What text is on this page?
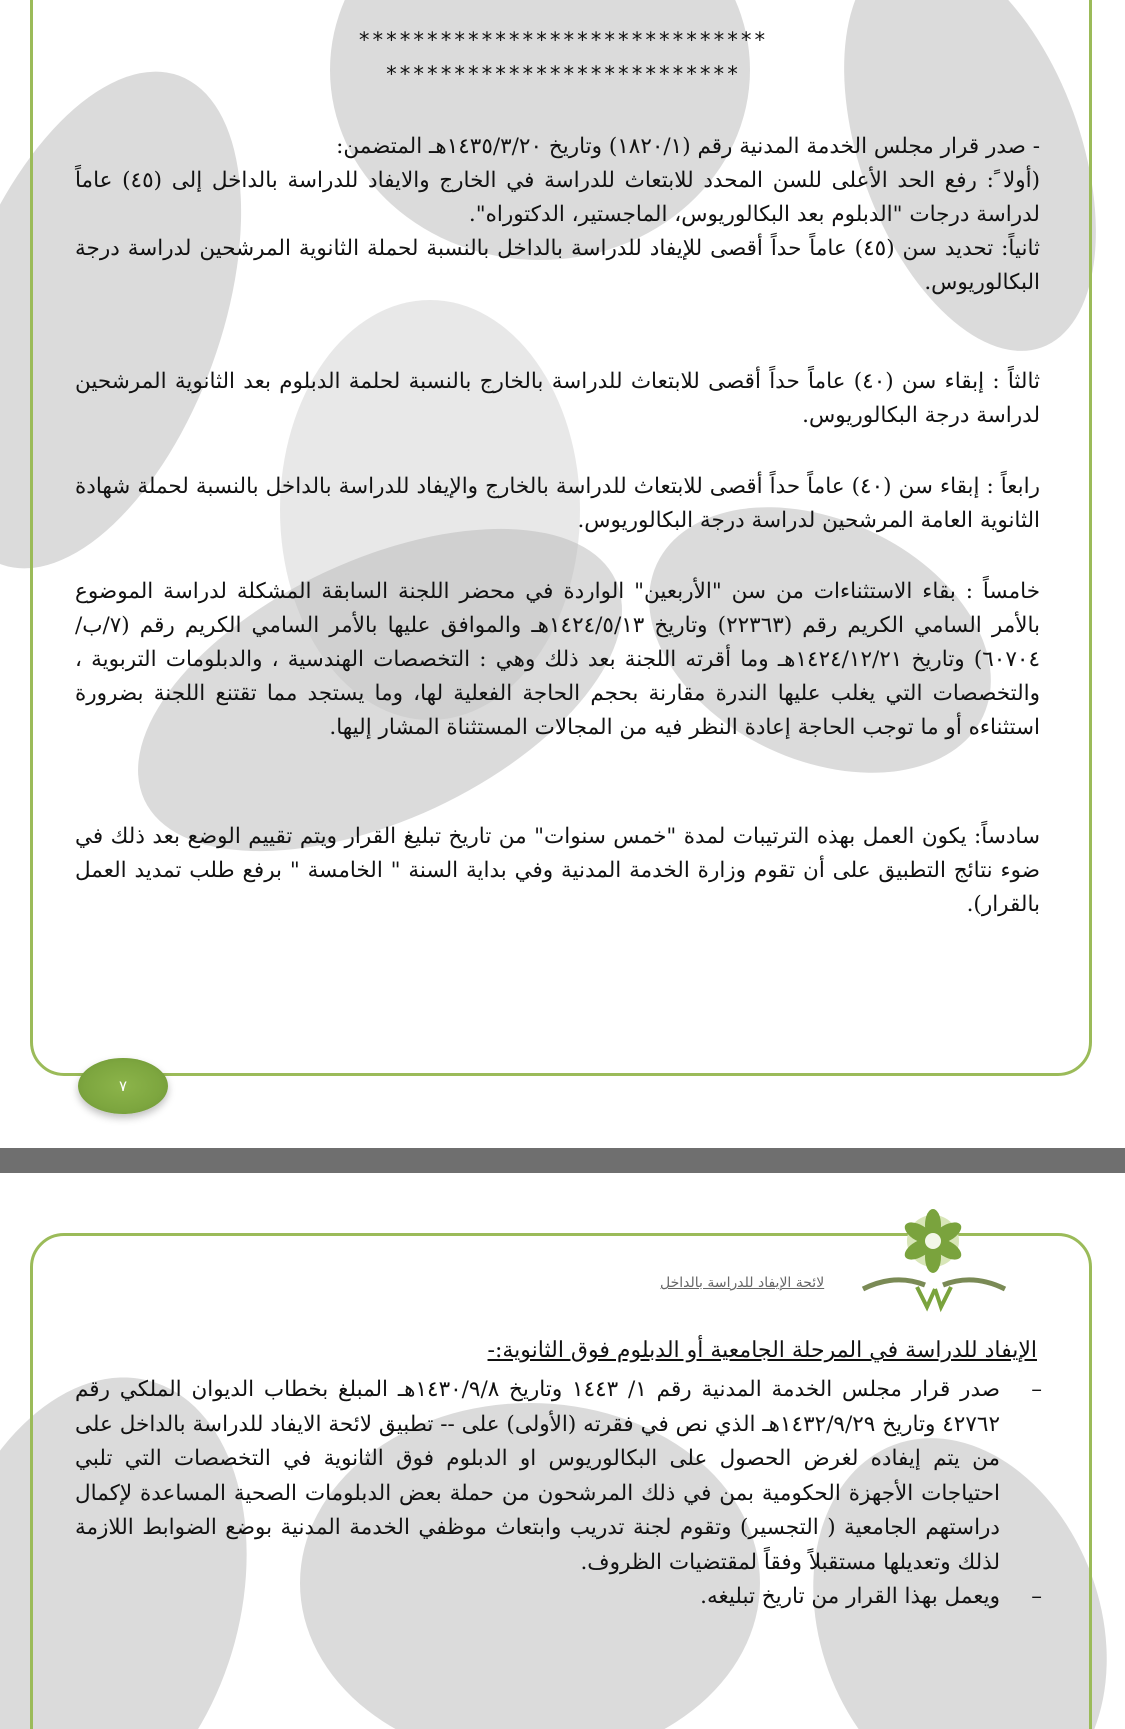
******************************
**************************

- صدر قرار مجلس الخدمة المدنية رقم (١٨٢٠/١) وتاريخ ١٤٣٥/٣/٢٠هـ المتضمن:

(أولا ً: رفع الحد الأعلى للسن المحدد للابتعاث للدراسة في الخارج والايفاد للدراسة بالداخل إلى (٤٥) عاماً لدراسة درجات "الدبلوم بعد البكالوريوس، الماجستير، الدكتوراه".

ثانياً: تحديد سن (٤٥) عاماً حداً أقصى للإيفاد للدراسة بالداخل بالنسبة لحملة الثانوية المرشحين لدراسة درجة البكالوريوس.

ثالثاً : إبقاء سن (٤٠) عاماً حداً أقصى للابتعاث للدراسة بالخارج بالنسبة لحلمة الدبلوم بعد الثانوية المرشحين لدراسة درجة البكالوريوس.

رابعاً : إبقاء سن (٤٠) عاماً حداً أقصى للابتعاث للدراسة بالخارج والإيفاد للدراسة بالداخل بالنسبة لحملة شهادة الثانوية العامة المرشحين لدراسة درجة البكالوريوس.

خامساً : بقاء الاستثناءات من سن "الأربعين" الواردة في محضر اللجنة السابقة المشكلة لدراسة الموضوع بالأمر السامي الكريم رقم (٢٢٣٦٣) وتاريخ ١٤٢٤/٥/١٣هـ والموافق عليها بالأمر السامي الكريم رقم (٧/ب/٦٠٧٠٤) وتاريخ ١٤٢٤/١٢/٢١هـ وما أقرته اللجنة بعد ذلك وهي : التخصصات الهندسية ، والدبلومات التربوية ، والتخصصات التي يغلب عليها الندرة مقارنة بحجم الحاجة الفعلية لها، وما يستجد مما تقتنع اللجنة بضرورة استثناءه أو ما توجب الحاجة إعادة النظر فيه من المجالات المستثناة المشار إليها.

سادساً: يكون العمل بهذه الترتيبات لمدة "خمس سنوات" من تاريخ تبليغ القرار ويتم تقييم الوضع بعد ذلك في ضوء نتائج التطبيق على أن تقوم وزارة الخدمة المدنية وفي بداية السنة " الخامسة " برفع طلب تمديد العمل بالقرار).

٧
لائحة الإيفاد للدراسة بالداخل
الإيفاد للدراسة في المرحلة الجامعية أو الدبلوم فوق الثانوية:-

–
صدر قرار مجلس الخدمة المدنية رقم ١/ ١٤٤٣ وتاريخ ١٤٣٠/٩/٨هـ المبلغ بخطاب الديوان الملكي رقم ٤٢٧٦٢ وتاريخ ١٤٣٢/٩/٢٩هـ الذي نص في فقرته (الأولى) على -- تطبيق لائحة الايفاد للدراسة بالداخل على من يتم إيفاده لغرض الحصول على البكالوريوس او الدبلوم فوق الثانوية في التخصصات التي تلبي احتياجات الأجهزة الحكومية بمن في ذلك المرشحون من حملة بعض الدبلومات الصحية المساعدة لإكمال دراستهم الجامعية ( التجسير) وتقوم لجنة تدريب وابتعاث موظفي الخدمة المدنية بوضع الضوابط اللازمة لذلك وتعديلها مستقبلاً وفقاً لمقتضيات الظروف.

–
ويعمل بهذا القرار من تاريخ تبليغه.
